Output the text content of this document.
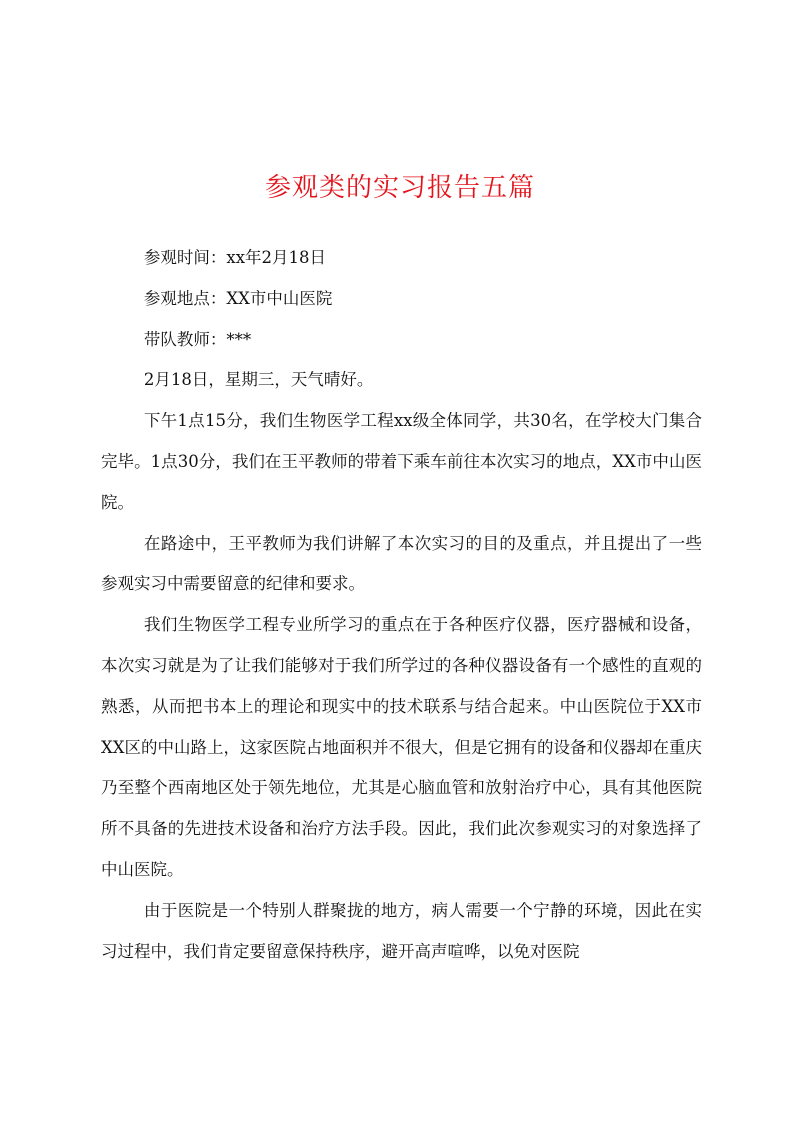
参观类的实习报告五篇

参观时间：xx年2月18日

参观地点：XX市中山医院

带队教师：***

2月18日，星期三，天气晴好。

下午1点15分，我们生物医学工程xx级全体同学，共30名，在学校大门集合完毕。1点30分，我们在王平教师的带着下乘车前往本次实习的地点，XX市中山医院。

在路途中，王平教师为我们讲解了本次实习的目的及重点，并且提出了一些参观实习中需要留意的纪律和要求。

我们生物医学工程专业所学习的重点在于各种医疗仪器，医疗器械和设备，本次实习就是为了让我们能够对于我们所学过的各种仪器设备有一个感性的直观的熟悉，从而把书本上的理论和现实中的技术联系与结合起来。中山医院位于XX市XX区的中山路上，这家医院占地面积并不很大，但是它拥有的设备和仪器却在重庆乃至整个西南地区处于领先地位，尤其是心脑血管和放射治疗中心，具有其他医院所不具备的先进技术设备和治疗方法手段。因此，我们此次参观实习的对象选择了中山医院。

由于医院是一个特别人群聚拢的地方，病人需要一个宁静的环境，因此在实习过程中，我们肯定要留意保持秩序，避开高声喧哗，以免对医院
